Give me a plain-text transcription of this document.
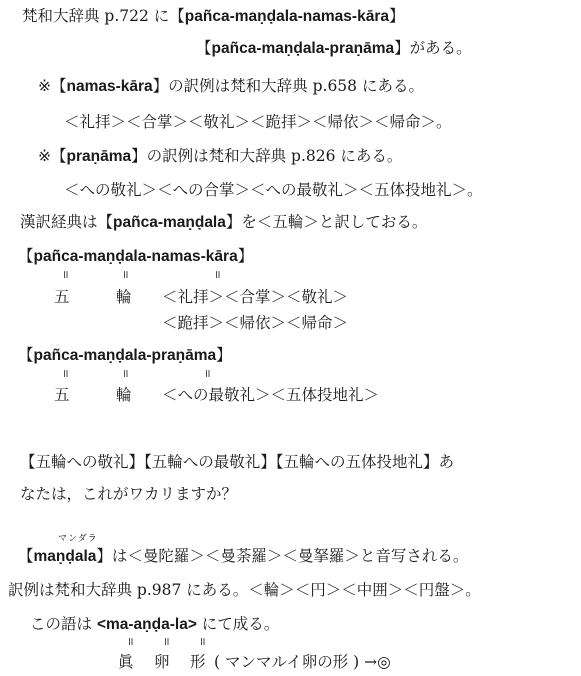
梵和大辞典 p.722 に【pañca-maṇḍala-namas-kāra】
【pañca-maṇḍala-praṇāma】がある。
※【namas-kāra】の訳例は梵和大辞典 p.658 にある。
＜礼拝＞＜合掌＞＜敬礼＞＜跪拝＞＜帰依＞＜帰命＞。
※【praṇāma】の訳例は梵和大辞典 p.826 にある。
＜への敬礼＞＜への合掌＞＜への最敬礼＞＜五体投地礼＞。
漢訳経典は【pañca-maṇḍala】を＜五輪＞と訳しておる。
【pañca-maṇḍala-namas-kāra】
॥	॥	॥
五	輪 ＜礼拝＞＜合掌＞＜敬礼＞
＜跪拝＞＜帰依＞＜帰命＞
【pañca-maṇḍala-praṇāma】
॥	॥	॥
五	輪 ＜への最敬礼＞＜五体投地礼＞
【五輪への敬礼】【五輪への最敬礼】【五輪への五体投地礼】あ
なたは，これがワカリますか？
マンダラ
【maṇḍala】は＜曼陀羅＞＜曼荼羅＞＜曼拏羅＞と音写される。
訳例は梵和大辞典 p.987 にある。＜輪＞＜円＞＜中囲＞＜円盤＞。
この語は <ma-aṇḍa-la> にて成る。
॥	॥	॥
眞 卵 形 ( マンマルイ卵の形 ) →◎
